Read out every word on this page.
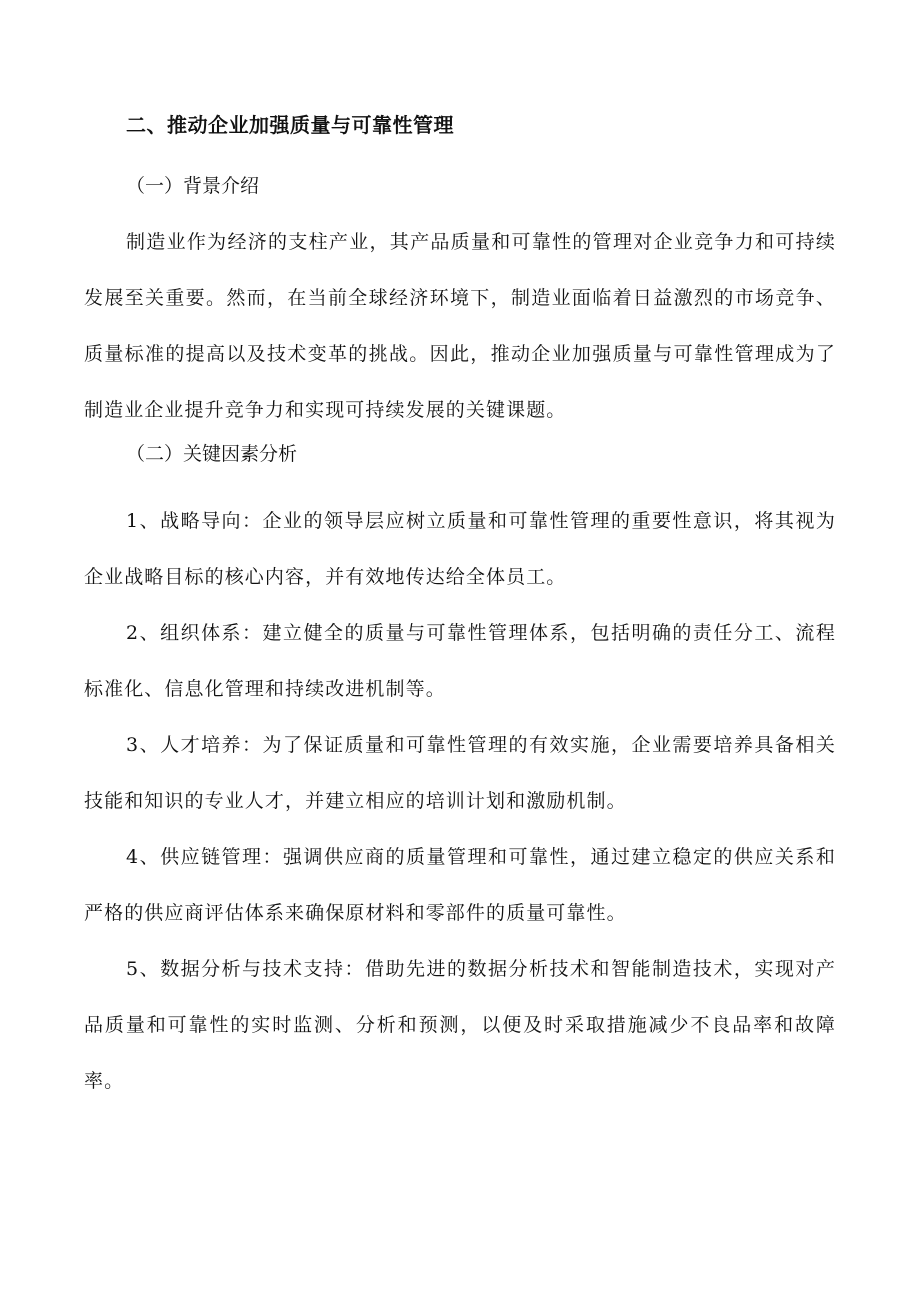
二、推动企业加强质量与可靠性管理
（一）背景介绍

制造业作为经济的支柱产业，其产品质量和可靠性的管理对企业竞争力和可持续发展至关重要。然而，在当前全球经济环境下，制造业面临着日益激烈的市场竞争、质量标准的提高以及技术变革的挑战。因此，推动企业加强质量与可靠性管理成为了制造业企业提升竞争力和实现可持续发展的关键课题。

（二）关键因素分析

1、战略导向：企业的领导层应树立质量和可靠性管理的重要性意识，将其视为企业战略目标的核心内容，并有效地传达给全体员工。

2、组织体系：建立健全的质量与可靠性管理体系，包括明确的责任分工、流程标准化、信息化管理和持续改进机制等。

3、人才培养：为了保证质量和可靠性管理的有效实施，企业需要培养具备相关技能和知识的专业人才，并建立相应的培训计划和激励机制。

4、供应链管理：强调供应商的质量管理和可靠性，通过建立稳定的供应关系和严格的供应商评估体系来确保原材料和零部件的质量可靠性。

5、数据分析与技术支持：借助先进的数据分析技术和智能制造技术，实现对产品质量和可靠性的实时监测、分析和预测，以便及时采取措施减少不良品率和故障率。
